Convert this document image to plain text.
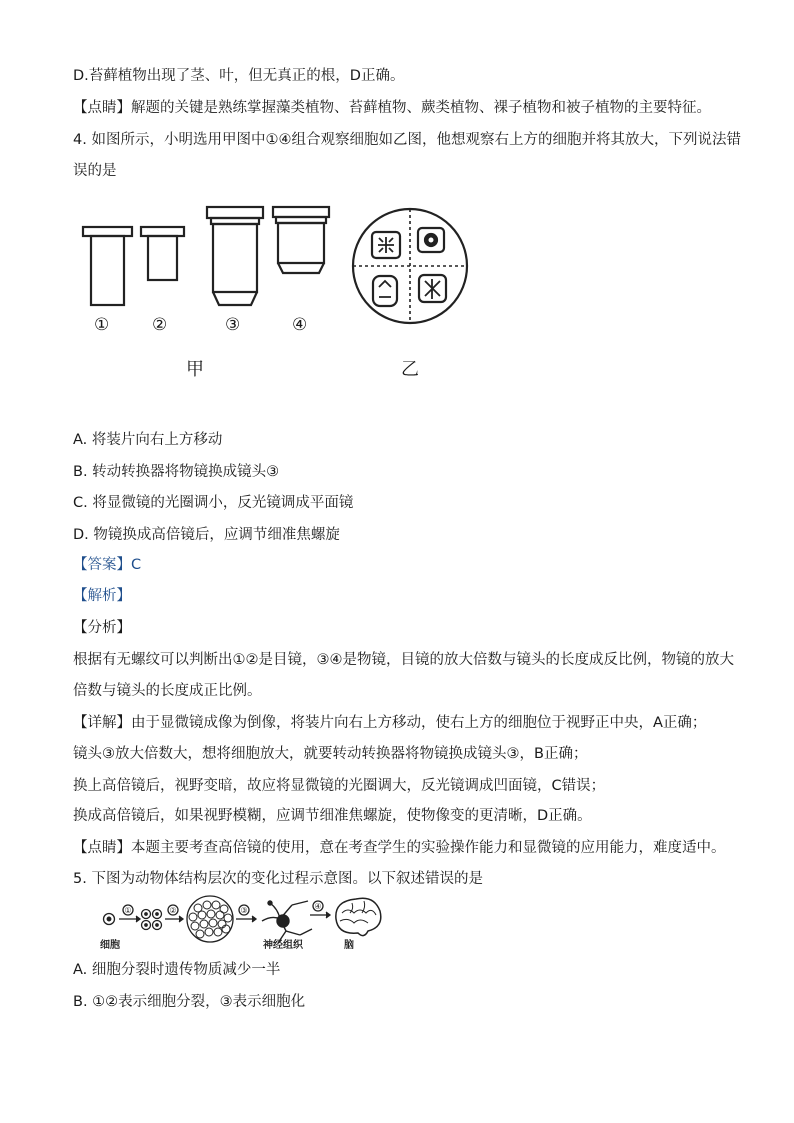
D.苔藓植物出现了茎、叶，但无真正的根，D正确。
【点睛】解题的关键是熟练掌握藻类植物、苔藓植物、蕨类植物、裸子植物和被子植物的主要特征。
4. 如图所示，小明选用甲图中①④组合观察细胞如乙图，他想观察右上方的细胞并将其放大，下列说法错
误的是
①	②	③	④
甲	乙
A. 将装片向右上方移动
B. 转动转换器将物镜换成镜头③
C. 将显微镜的光圈调小，反光镜调成平面镜
D. 物镜换成高倍镜后，应调节细准焦螺旋
【答案】C
【解析】
【分析】
根据有无螺纹可以判断出①②是目镜，③④是物镜，目镜的放大倍数与镜头的长度成反比例，物镜的放大
倍数与镜头的长度成正比例。
【详解】由于显微镜成像为倒像，将装片向右上方移动，使右上方的细胞位于视野正中央，A正确；
镜头③放大倍数大，想将细胞放大，就要转动转换器将物镜换成镜头③，B正确；
换上高倍镜后，视野变暗，故应将显微镜的光圈调大，反光镜调成凹面镜，C错误；
换成高倍镜后，如果视野模糊，应调节细准焦螺旋，使物像变的更清晰，D正确。
【点睛】本题主要考查高倍镜的使用，意在考查学生的实验操作能力和显微镜的应用能力，难度适中。
5. 下图为动物体结构层次的变化过程示意图。以下叙述错误的是
①	②	③	④
细胞	神经组织	脑
A. 细胞分裂时遗传物质减少一半
B. ①②表示细胞分裂，③表示细胞化
